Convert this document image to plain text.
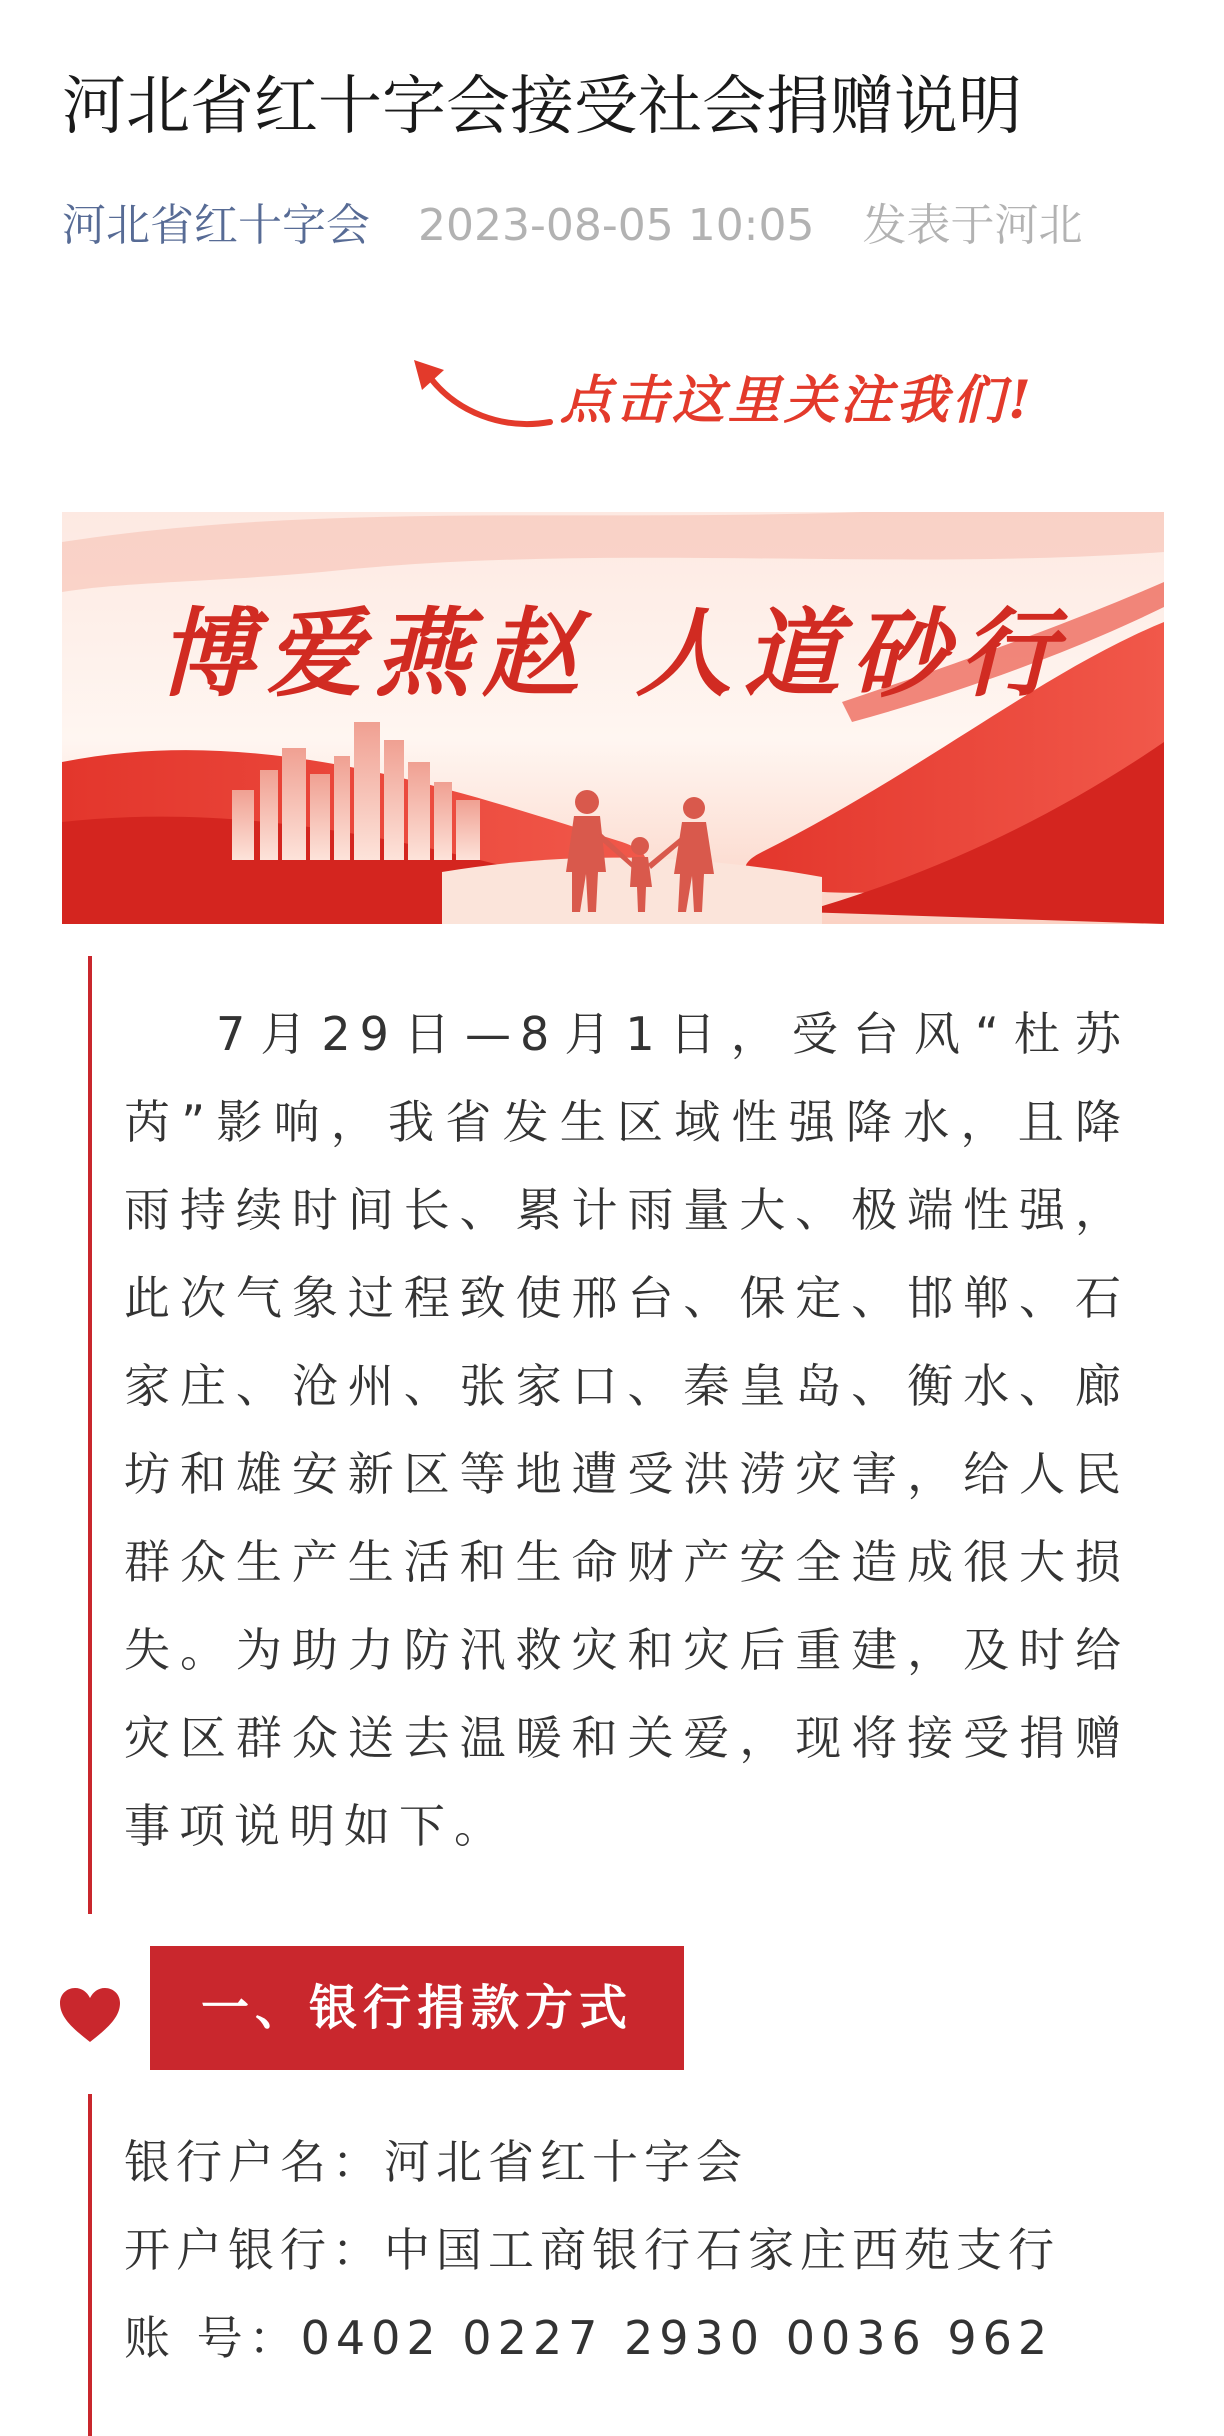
河北省红十字会接受社会捐赠说明
河北省红十字会 2023-08-05 10:05 发表于河北
点击这里关注我们!
博爱燕赵 人道砂行

7月29日—8月1日，受台风“杜苏芮”影响，我省发生区域性强降水，且降雨持续时间长、累计雨量大、极端性强，此次气象过程致使邢台、保定、邯郸、石家庄、沧州、张家口、秦皇岛、衡水、廊坊和雄安新区等地遭受洪涝灾害，给人民群众生产生活和生命财产安全造成很大损失。为助力防汛救灾和灾后重建，及时给灾区群众送去温暖和关爱，现将接受捐赠事项说明如下。

一、银行捐款方式
银行户名：河北省红十字会
开户银行：中国工商银行石家庄西苑支行
账 号：0402 0227 2930 0036 962
